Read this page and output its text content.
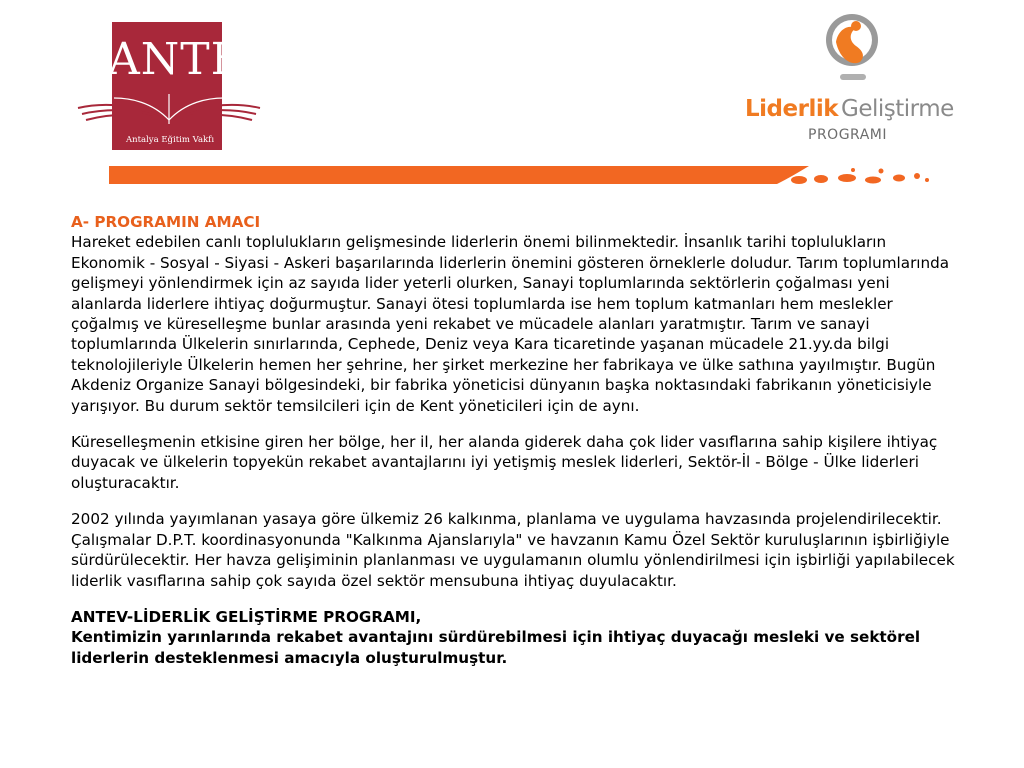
ANTEV
Antalya Eğitim Vakfı
Liderlik Geliştirme
PROGRAMI

A- PROGRAMIN AMACI
Hareket edebilen canlı toplulukların gelişmesinde liderlerin önemi bilinmektedir. İnsanlık tarihi toplulukların Ekonomik - Sosyal - Siyasi - Askeri başarılarında liderlerin önemini gösteren örneklerle doludur. Tarım toplumlarında gelişmeyi yönlendirmek için az sayıda lider yeterli olurken, Sanayi toplumlarında sektörlerin çoğalması yeni alanlarda liderlere ihtiyaç doğurmuştur. Sanayi ötesi toplumlarda ise hem toplum katmanları hem meslekler çoğalmış ve küreselleşme bunlar arasında yeni rekabet ve mücadele alanları yaratmıştır. Tarım ve sanayi toplumlarında Ülkelerin sınırlarında, Cephede, Deniz veya Kara ticaretinde yaşanan mücadele 21.yy.da bilgi teknolojileriyle Ülkelerin hemen her şehrine, her şirket merkezine her fabrikaya ve ülke sathına yayılmıştır. Bugün Akdeniz Organize Sanayi bölgesindeki, bir fabrika yöneticisi dünyanın başka noktasındaki fabrikanın yöneticisiyle yarışıyor. Bu durum sektör temsilcileri için de Kent yöneticileri için de aynı.

Küreselleşmenin etkisine giren her bölge, her il, her alanda giderek daha çok lider vasıflarına sahip kişilere ihtiyaç duyacak ve ülkelerin topyekün rekabet avantajlarını iyi yetişmiş meslek liderleri, Sektör-İl - Bölge - Ülke liderleri oluşturacaktır.

2002 yılında yayımlanan yasaya göre ülkemiz 26 kalkınma, planlama ve uygulama havzasında projelendirilecektir. Çalışmalar D.P.T. koordinasyonunda "Kalkınma Ajanslarıyla" ve havzanın Kamu Özel Sektör kuruluşlarının işbirliğiyle sürdürülecektir. Her havza gelişiminin planlanması ve uygulamanın olumlu yönlendirilmesi için işbirliği yapılabilecek liderlik vasıflarına sahip çok sayıda özel sektör mensubuna ihtiyaç duyulacaktır.

ANTEV-LİDERLİK GELİŞTİRME PROGRAMI,
Kentimizin yarınlarında rekabet avantajını sürdürebilmesi için ihtiyaç duyacağı mesleki ve sektörel liderlerin desteklenmesi amacıyla oluşturulmuştur.
